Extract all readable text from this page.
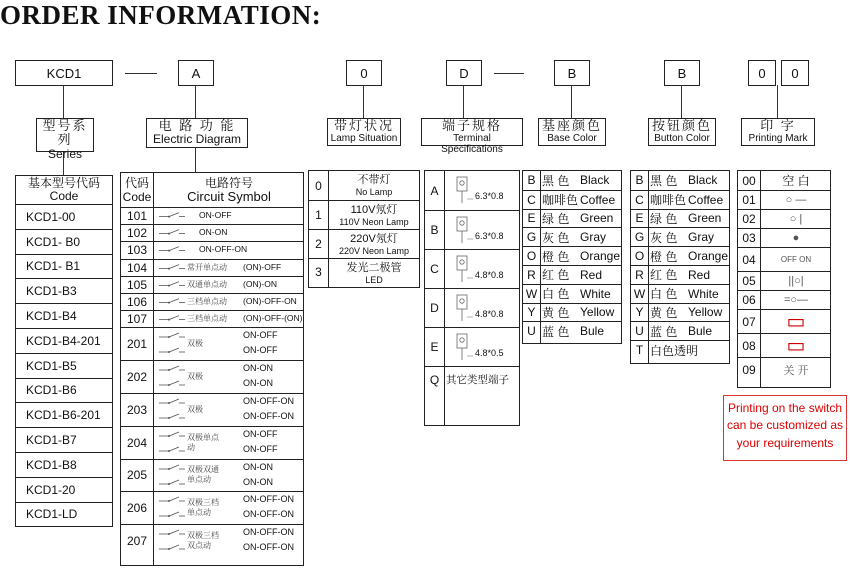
ORDER INFORMATION:
KCD1	A	0	D	B	B	0	0
型号系列
Series
电 路 功 能
Electric Diagram
带灯状况
Lamp Situation
端子规格
Terminal Specifications
基座颜色
Base Color
按钮颜色
Button Color
印 字
Printing Mark
基本型号代码
Code
KCD1-00
KCD1- B0
KCD1- B1
KCD1-B3
KCD1-B4
KCD1-B4-201
KCD1-B5
KCD1-B6
KCD1-B6-201
KCD1-B7
KCD1-B8
KCD1-20
KCD1-LD
代码
Code
电路符号
Circuit Symbol
101	ON-OFF
102	ON-ON
103	ON-OFF-ON
104	常开单点动	(ON)-OFF
105	双通单点动	(ON)-ON
106	三档单点动	(ON)-OFF-ON
107	三档单点动	(ON)-OFF-(ON)
201	双极
ON-OFF
ON-OFF
202	双极
ON-ON
ON-ON
203	双极
ON-OFF-ON
ON-OFF-ON
204	双极单点动
ON-OFF
ON-OFF
205	双极双通 单点动
ON-ON
ON-ON
206	双极三档 单点动
ON-OFF-ON
ON-OFF-ON
207	双极三档 双点动
ON-OFF-ON
ON-OFF-ON
0	不带灯
No Lamp
1	110V氖灯
110V Neon Lamp
2	220V氖灯
220V Neon Lamp
3	发光二极管
LED
A	6.3*0.8
B	6.3*0.8
C	4.8*0.8
D	4.8*0.8
E	4.8*0.5
Q 其它类型端子
B 黑 色 Black
C 咖啡色 Coffee
E 绿 色 Green
G 灰 色 Gray
O 橙 色 Orange
R 红 色 Red
W 白 色 White
Y 黄 色 Yellow
U 蓝 色 Bule
B 黑 色 Black
C 咖啡色 Coffee
E 绿 色 Green
G 灰 色 Gray
O 橙 色 Orange
R 红 色 Red
W 白 色 White
Y 黄 色 Yellow
U 蓝 色 Bule
T 白色透明
00	空 白
01	○ —
02	○ |
03	●
04	OFF ON
05	||○|
06	=○—
07	▭
08	▭
09	关 开
Printing on the switch can be customized as your requirements
